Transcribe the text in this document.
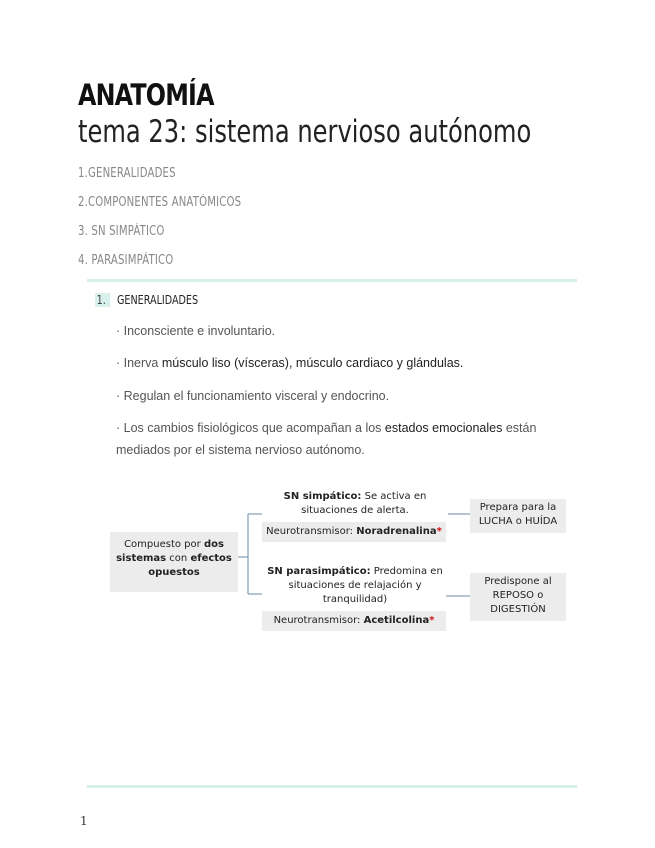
ANATOMÍA
tema 23: sistema nervioso autónomo
1.GENERALIDADES
2.COMPONENTES ANATÓMICOS
3. SN SIMPÁTICO
4. PARASIMPÁTICO
1. GENERALIDADES
· Inconsciente e involuntario.
· Inerva músculo liso (vísceras), músculo cardiaco y glándulas.
· Regulan el funcionamiento visceral y endocrino.
· Los cambios fisiológicos que acompañan a los estados emocionales están mediados por el sistema nervioso autónomo.
Compuesto por dos
sistemas con efectos opuestos
SN simpático: Se activa en situaciones de alerta.
Neurotransmisor: Noradrenalina*
SN parasimpático: Predomina en situaciones de relajación y tranquilidad)
Neurotransmisor: Acetilcolina*
Prepara para la LUCHA o HUÍDA
Predispone al REPOSO o DIGESTIÓN
1
